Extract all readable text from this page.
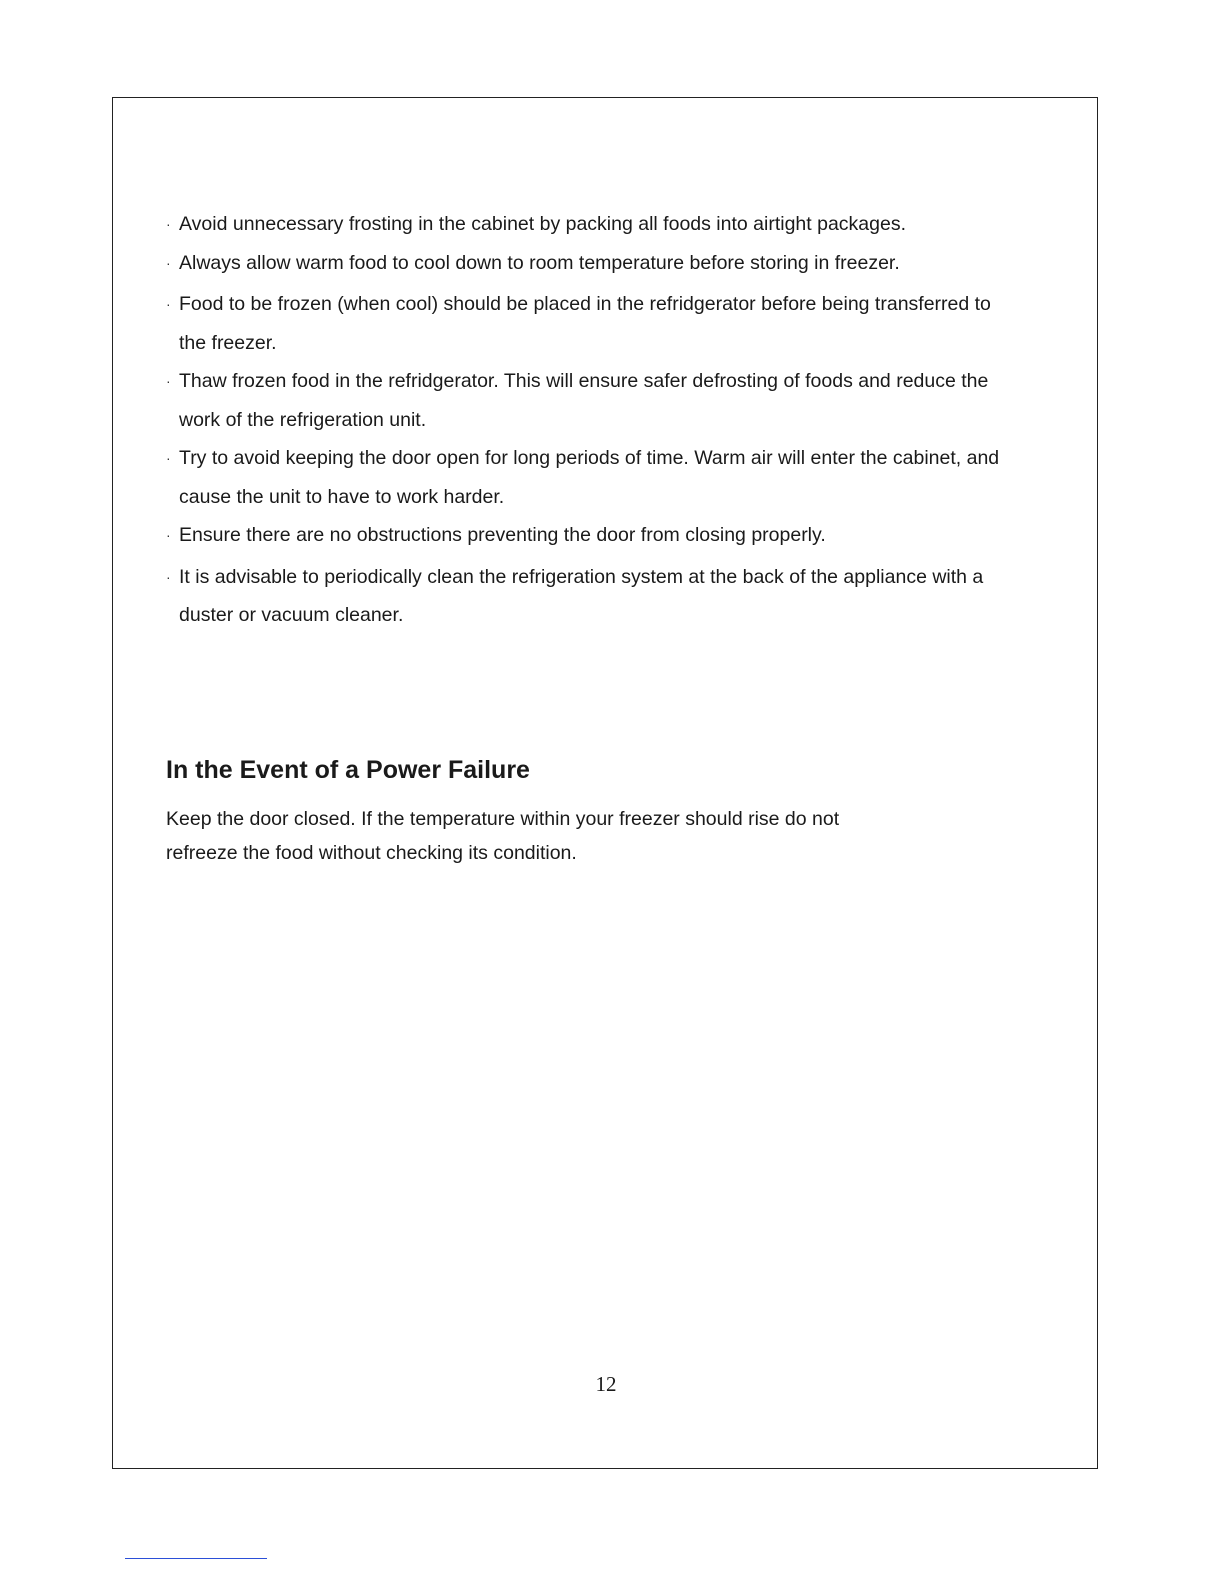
· Avoid unnecessary frosting in the cabinet by packing all foods into airtight packages.
· Always allow warm food to cool down to room temperature before storing in freezer.
· Food to be frozen (when cool) should be placed in the refridgerator before being transferred to the freezer.
· Thaw frozen food in the refridgerator. This will ensure safer defrosting of foods and reduce the work of the refrigeration unit.
· Try to avoid keeping the door open for long periods of time. Warm air will enter the cabinet, and cause the unit to have to work harder.
· Ensure there are no obstructions preventing the door from closing properly.
· It is advisable to periodically clean the refrigeration system at the back of the appliance with a duster or vacuum cleaner.
In the Event of a Power Failure

Keep the door closed. If the temperature within your freezer should rise do not refreeze the food without checking its condition.

12
